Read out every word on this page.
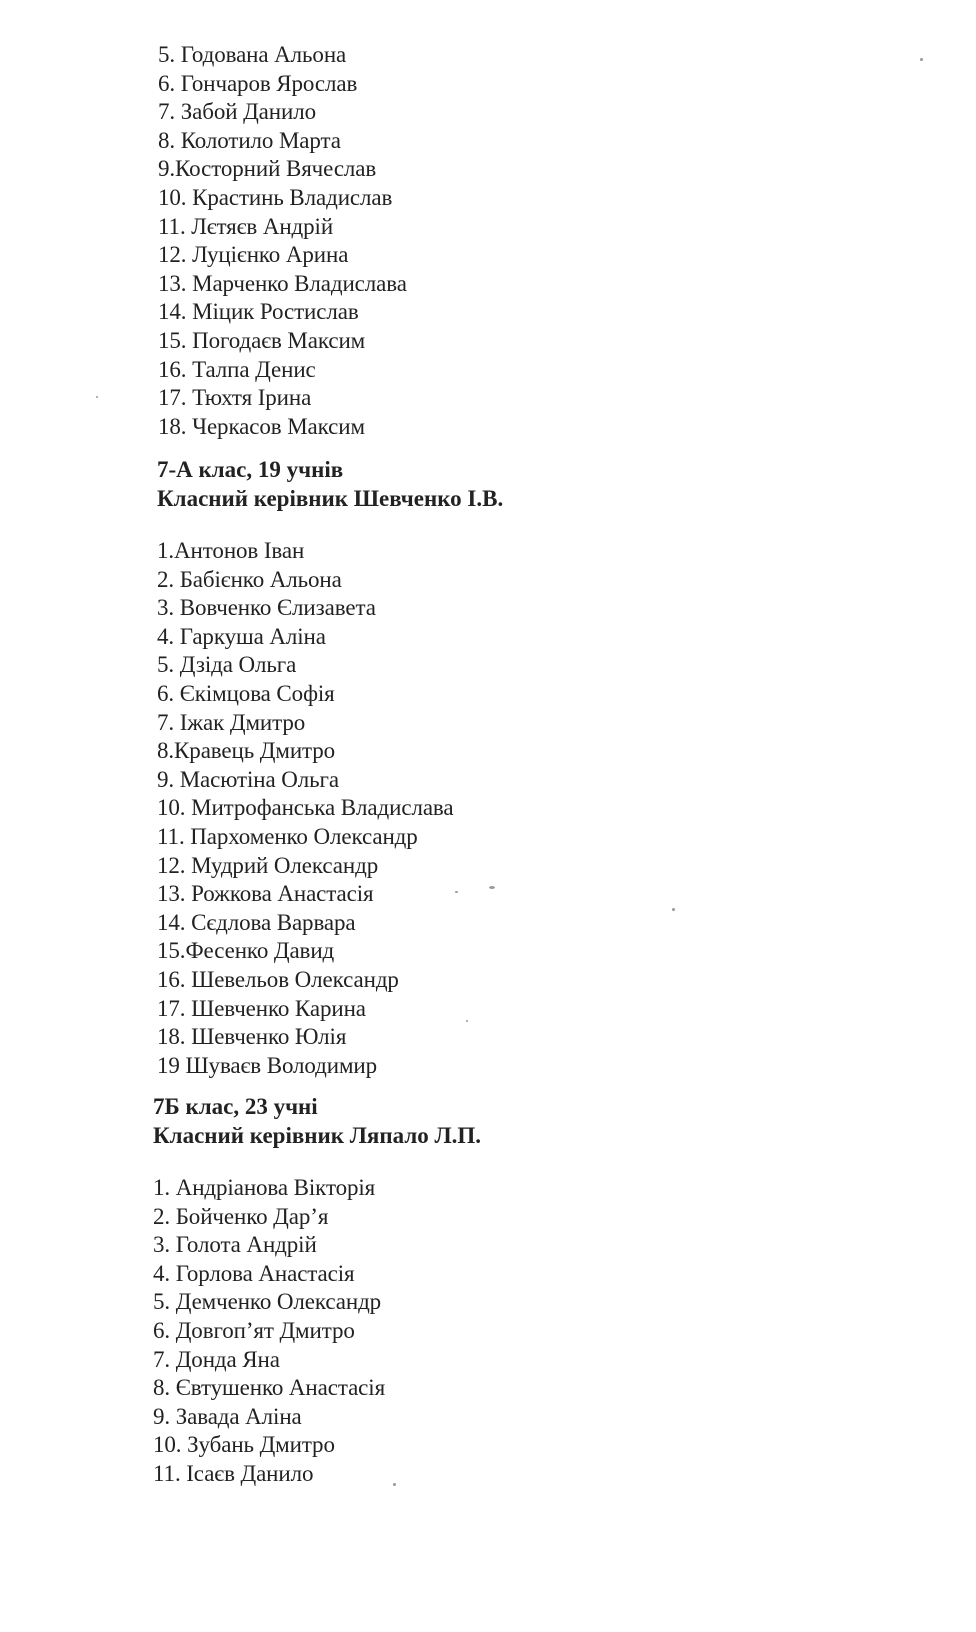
5. Годована Альона
6. Гончаров Ярослав
7. Забой Данило
8. Колотило Марта
9.Косторний Вячеслав
10. Крастинь Владислав
11. Лєтяєв Андрій
12. Луцієнко Арина
13. Марченко Владислава
14. Міцик Ростислав
15. Погодаєв Максим
16. Талпа Денис
17. Тюхтя Ірина
18. Черкасов Максим
7-А клас, 19 учнів
Класний керівник Шевченко І.В.
1.Антонов Іван
2. Бабієнко Альона
3. Вовченко Єлизавета
4. Гаркуша Аліна
5. Дзіда Ольга
6. Єкімцова Софія
7. Іжак Дмитро
8.Кравець Дмитро
9. Масютіна Ольга
10. Митрофанська Владислава
11. Пархоменко Олександр
12. Мудрий Олександр
13. Рожкова Анастасія
14. Сєдлова Варвара
15.Фесенко Давид
16. Шевельов Олександр
17. Шевченко Карина
18. Шевченко Юлія
19 Шуваєв Володимир
7Б клас, 23 учні
Класний керівник Ляпало Л.П.
1. Андріанова Вікторія
2. Бойченко Дар’я
3. Голота Андрій
4. Горлова Анастасія
5. Демченко Олександр
6. Довгоп’ят Дмитро
7. Донда Яна
8. Євтушенко Анастасія
9. Завада Аліна
10. Зубань Дмитро
11. Ісаєв Данило
